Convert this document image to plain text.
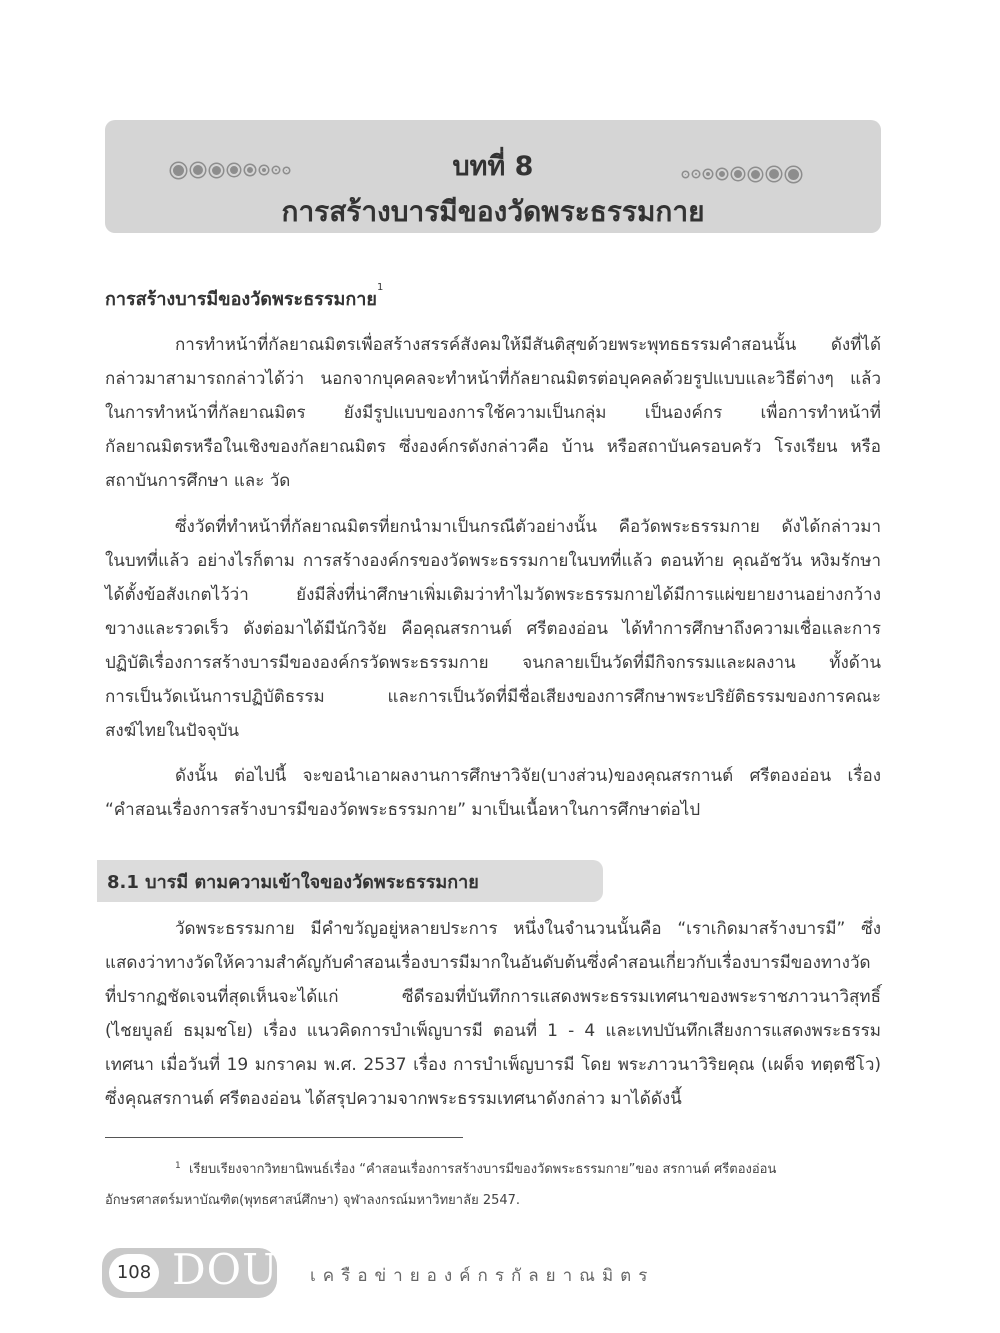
บทที่ 8
การสร้างบารมีของวัดพระธรรมกาย
การสร้างบารมีของวัดพระธรรมกาย$^1$
การทำหน้าที่กัลยาณมิตรเพื่อสร้างสรรค์สังคมให้มีสันติสุขด้วยพระพุทธธรรมคำสอนนั้น ดังที่ได้
กล่าวมาสามารถกล่าวได้ว่า นอกจากบุคคลจะทำหน้าที่กัลยาณมิตรต่อบุคคลด้วยรูปแบบและวิธีต่างๆ แล้ว
ในการทำหน้าที่กัลยาณมิตร ยังมีรูปแบบของการใช้ความเป็นกลุ่ม เป็นองค์กร เพื่อการทำหน้าที่
กัลยาณมิตรหรือในเชิงของกัลยาณมิตร ซึ่งองค์กรดังกล่าวคือ บ้าน หรือสถาบันครอบครัว โรงเรียน หรือ
สถาบันการศึกษา และ วัด
ซึ่งวัดที่ทำหน้าที่กัลยาณมิตรที่ยกนำมาเป็นกรณีตัวอย่างนั้น คือวัดพระธรรมกาย ดังได้กล่าวมา
ในบทที่แล้ว อย่างไรก็ตาม การสร้างองค์กรของวัดพระธรรมกายในบทที่แล้ว ตอนท้าย คุณอัชวัน หงิมรักษา
ได้ตั้งข้อสังเกตไว้ว่า ยังมีสิ่งที่น่าศึกษาเพิ่มเติมว่าทำไมวัดพระธรรมกายได้มีการแผ่ขยายงานอย่างกว้าง
ขวางและรวดเร็ว ดังต่อมาได้มีนักวิจัย คือคุณสรกานต์ ศรีตองอ่อน ได้ทำการศึกษาถึงความเชื่อและการ
ปฏิบัติเรื่องการสร้างบารมีขององค์กรวัดพระธรรมกาย จนกลายเป็นวัดที่มีกิจกรรมและผลงาน ทั้งด้าน
การเป็นวัดเน้นการปฏิบัติธรรม และการเป็นวัดที่มีชื่อเสียงของการศึกษาพระปริยัติธรรมของการคณะ
สงฆ์ไทยในปัจจุบัน
ดังนั้น ต่อไปนี้ จะขอนำเอาผลงานการศึกษาวิจัย(บางส่วน)ของคุณสรกานต์ ศรีตองอ่อน เรื่อง
“คำสอนเรื่องการสร้างบารมีของวัดพระธรรมกาย” มาเป็นเนื้อหาในการศึกษาต่อไป
8.1 บารมี ตามความเข้าใจของวัดพระธรรมกาย
วัดพระธรรมกาย มีคำขวัญอยู่หลายประการ หนึ่งในจำนวนนั้นคือ “เราเกิดมาสร้างบารมี” ซึ่ง
แสดงว่าทางวัดให้ความสำคัญกับคำสอนเรื่องบารมีมากในอันดับต้นซึ่งคำสอนเกี่ยวกับเรื่องบารมีของทางวัด
ที่ปรากฏชัดเจนที่สุดเห็นจะได้แก่ ซีดีรอมที่บันทึกการแสดงพระธรรมเทศนาของพระราชภาวนาวิสุทธิ์
(ไชยบูลย์ ธมฺมชโย) เรื่อง แนวคิดการบำเพ็ญบารมี ตอนที่ 1 - 4 และเทปบันทึกเสียงการแสดงพระธรรม
เทศนา เมื่อวันที่ 19 มกราคม พ.ศ. 2537 เรื่อง การบำเพ็ญบารมี โดย พระภาวนาวิริยคุณ (เผด็จ ทตฺตชีโว)
ซึ่งคุณสรกานต์ ศรีตองอ่อน ได้สรุปความจากพระธรรมเทศนาดังกล่าว มาได้ดังนี้
$^1$ เรียบเรียงจากวิทยานิพนธ์เรื่อง “คำสอนเรื่องการสร้างบารมีของวัดพระธรรมกาย”ของ สรกานต์ ศรีตองอ่อน
อักษรศาสตร์มหาบัณฑิต(พุทธศาสน์ศึกษา) จุฬาลงกรณ์มหาวิทยาลัย 2547.
108 DOU เครือข่ายองค์กรกัลยาณมิตร
